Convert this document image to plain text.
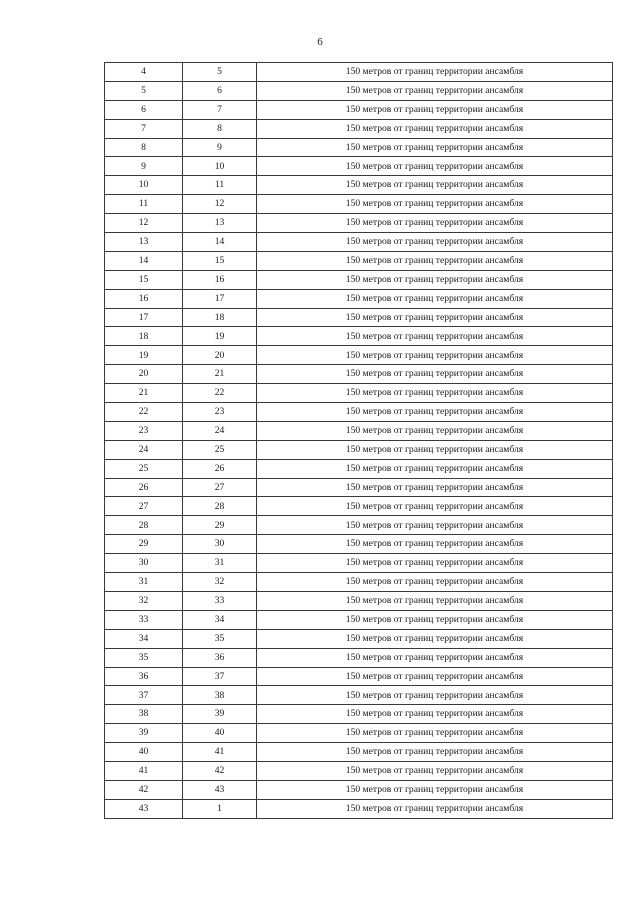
6
4	5	150 метров от границ территории ансамбля
5	6	150 метров от границ территории ансамбля
6	7	150 метров от границ территории ансамбля
7	8	150 метров от границ территории ансамбля
8	9	150 метров от границ территории ансамбля
9	10	150 метров от границ территории ансамбля
10	11	150 метров от границ территории ансамбля
11	12	150 метров от границ территории ансамбля
12	13	150 метров от границ территории ансамбля
13	14	150 метров от границ территории ансамбля
14	15	150 метров от границ территории ансамбля
15	16	150 метров от границ территории ансамбля
16	17	150 метров от границ территории ансамбля
17	18	150 метров от границ территории ансамбля
18	19	150 метров от границ территории ансамбля
19	20	150 метров от границ территории ансамбля
20	21	150 метров от границ территории ансамбля
21	22	150 метров от границ территории ансамбля
22	23	150 метров от границ территории ансамбля
23	24	150 метров от границ территории ансамбля
24	25	150 метров от границ территории ансамбля
25	26	150 метров от границ территории ансамбля
26	27	150 метров от границ территории ансамбля
27	28	150 метров от границ территории ансамбля
28	29	150 метров от границ территории ансамбля
29	30	150 метров от границ территории ансамбля
30	31	150 метров от границ территории ансамбля
31	32	150 метров от границ территории ансамбля
32	33	150 метров от границ территории ансамбля
33	34	150 метров от границ территории ансамбля
34	35	150 метров от границ территории ансамбля
35	36	150 метров от границ территории ансамбля
36	37	150 метров от границ территории ансамбля
37	38	150 метров от границ территории ансамбля
38	39	150 метров от границ территории ансамбля
39	40	150 метров от границ территории ансамбля
40	41	150 метров от границ территории ансамбля
41	42	150 метров от границ территории ансамбля
42	43	150 метров от границ территории ансамбля
43	1	150 метров от границ территории ансамбля
